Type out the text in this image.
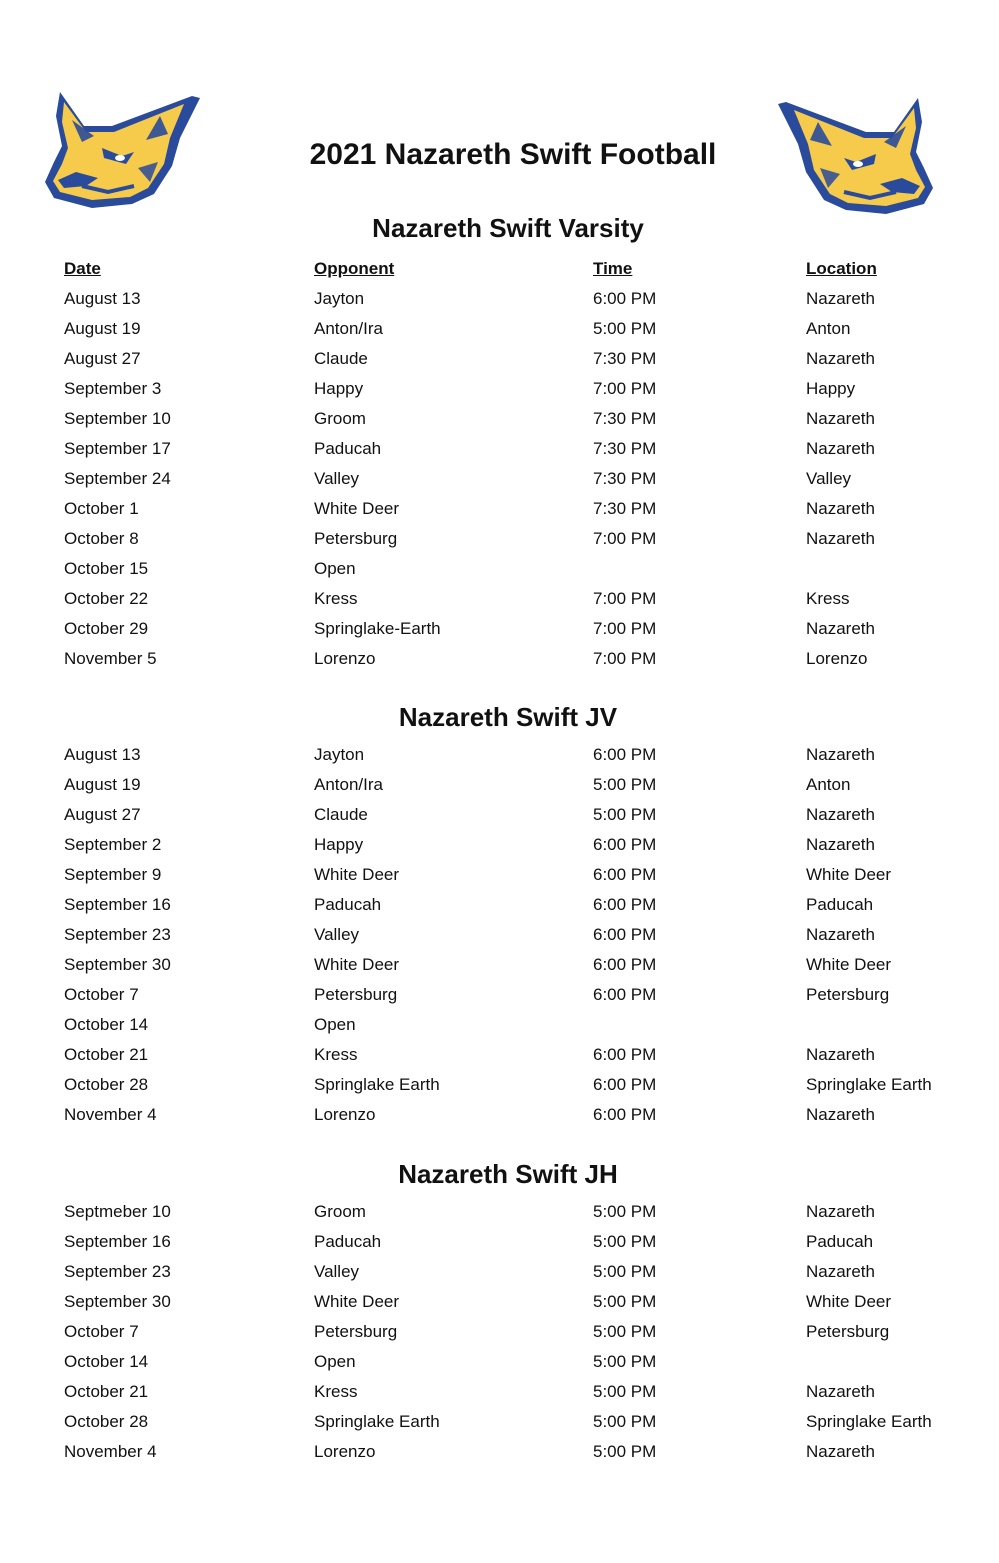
2021 Nazareth Swift Football
Nazareth Swift Varsity
Date	Opponent	Time	Location
August 13	Jayton	6:00 PM	Nazareth
August 19	Anton/Ira	5:00 PM	Anton
August 27	Claude	7:30 PM	Nazareth
September 3	Happy	7:00 PM	Happy
September 10	Groom	7:30 PM	Nazareth
September 17	Paducah	7:30 PM	Nazareth
September 24	Valley	7:30 PM	Valley
October 1	White Deer	7:30 PM	Nazareth
October 8	Petersburg	7:00 PM	Nazareth
October 15	Open
October 22	Kress	7:00 PM	Kress
October 29	Springlake-Earth	7:00 PM	Nazareth
November 5	Lorenzo	7:00 PM	Lorenzo
Nazareth Swift JV
August 13	Jayton	6:00 PM	Nazareth
August 19	Anton/Ira	5:00 PM	Anton
August 27	Claude	5:00 PM	Nazareth
September 2	Happy	6:00 PM	Nazareth
September 9	White Deer	6:00 PM	White Deer
September 16	Paducah	6:00 PM	Paducah
September 23	Valley	6:00 PM	Nazareth
September 30	White Deer	6:00 PM	White Deer
October 7	Petersburg	6:00 PM	Petersburg
October 14	Open
October 21	Kress	6:00 PM	Nazareth
October 28	Springlake Earth	6:00 PM	Springlake Earth
November 4	Lorenzo	6:00 PM	Nazareth
Nazareth Swift JH
Septmeber 10	Groom	5:00 PM	Nazareth
September 16	Paducah	5:00 PM	Paducah
September 23	Valley	5:00 PM	Nazareth
September 30	White Deer	5:00 PM	White Deer
October 7	Petersburg	5:00 PM	Petersburg
October 14	Open	5:00 PM
October 21	Kress	5:00 PM	Nazareth
October 28	Springlake Earth	5:00 PM	Springlake Earth
November 4	Lorenzo	5:00 PM	Nazareth
